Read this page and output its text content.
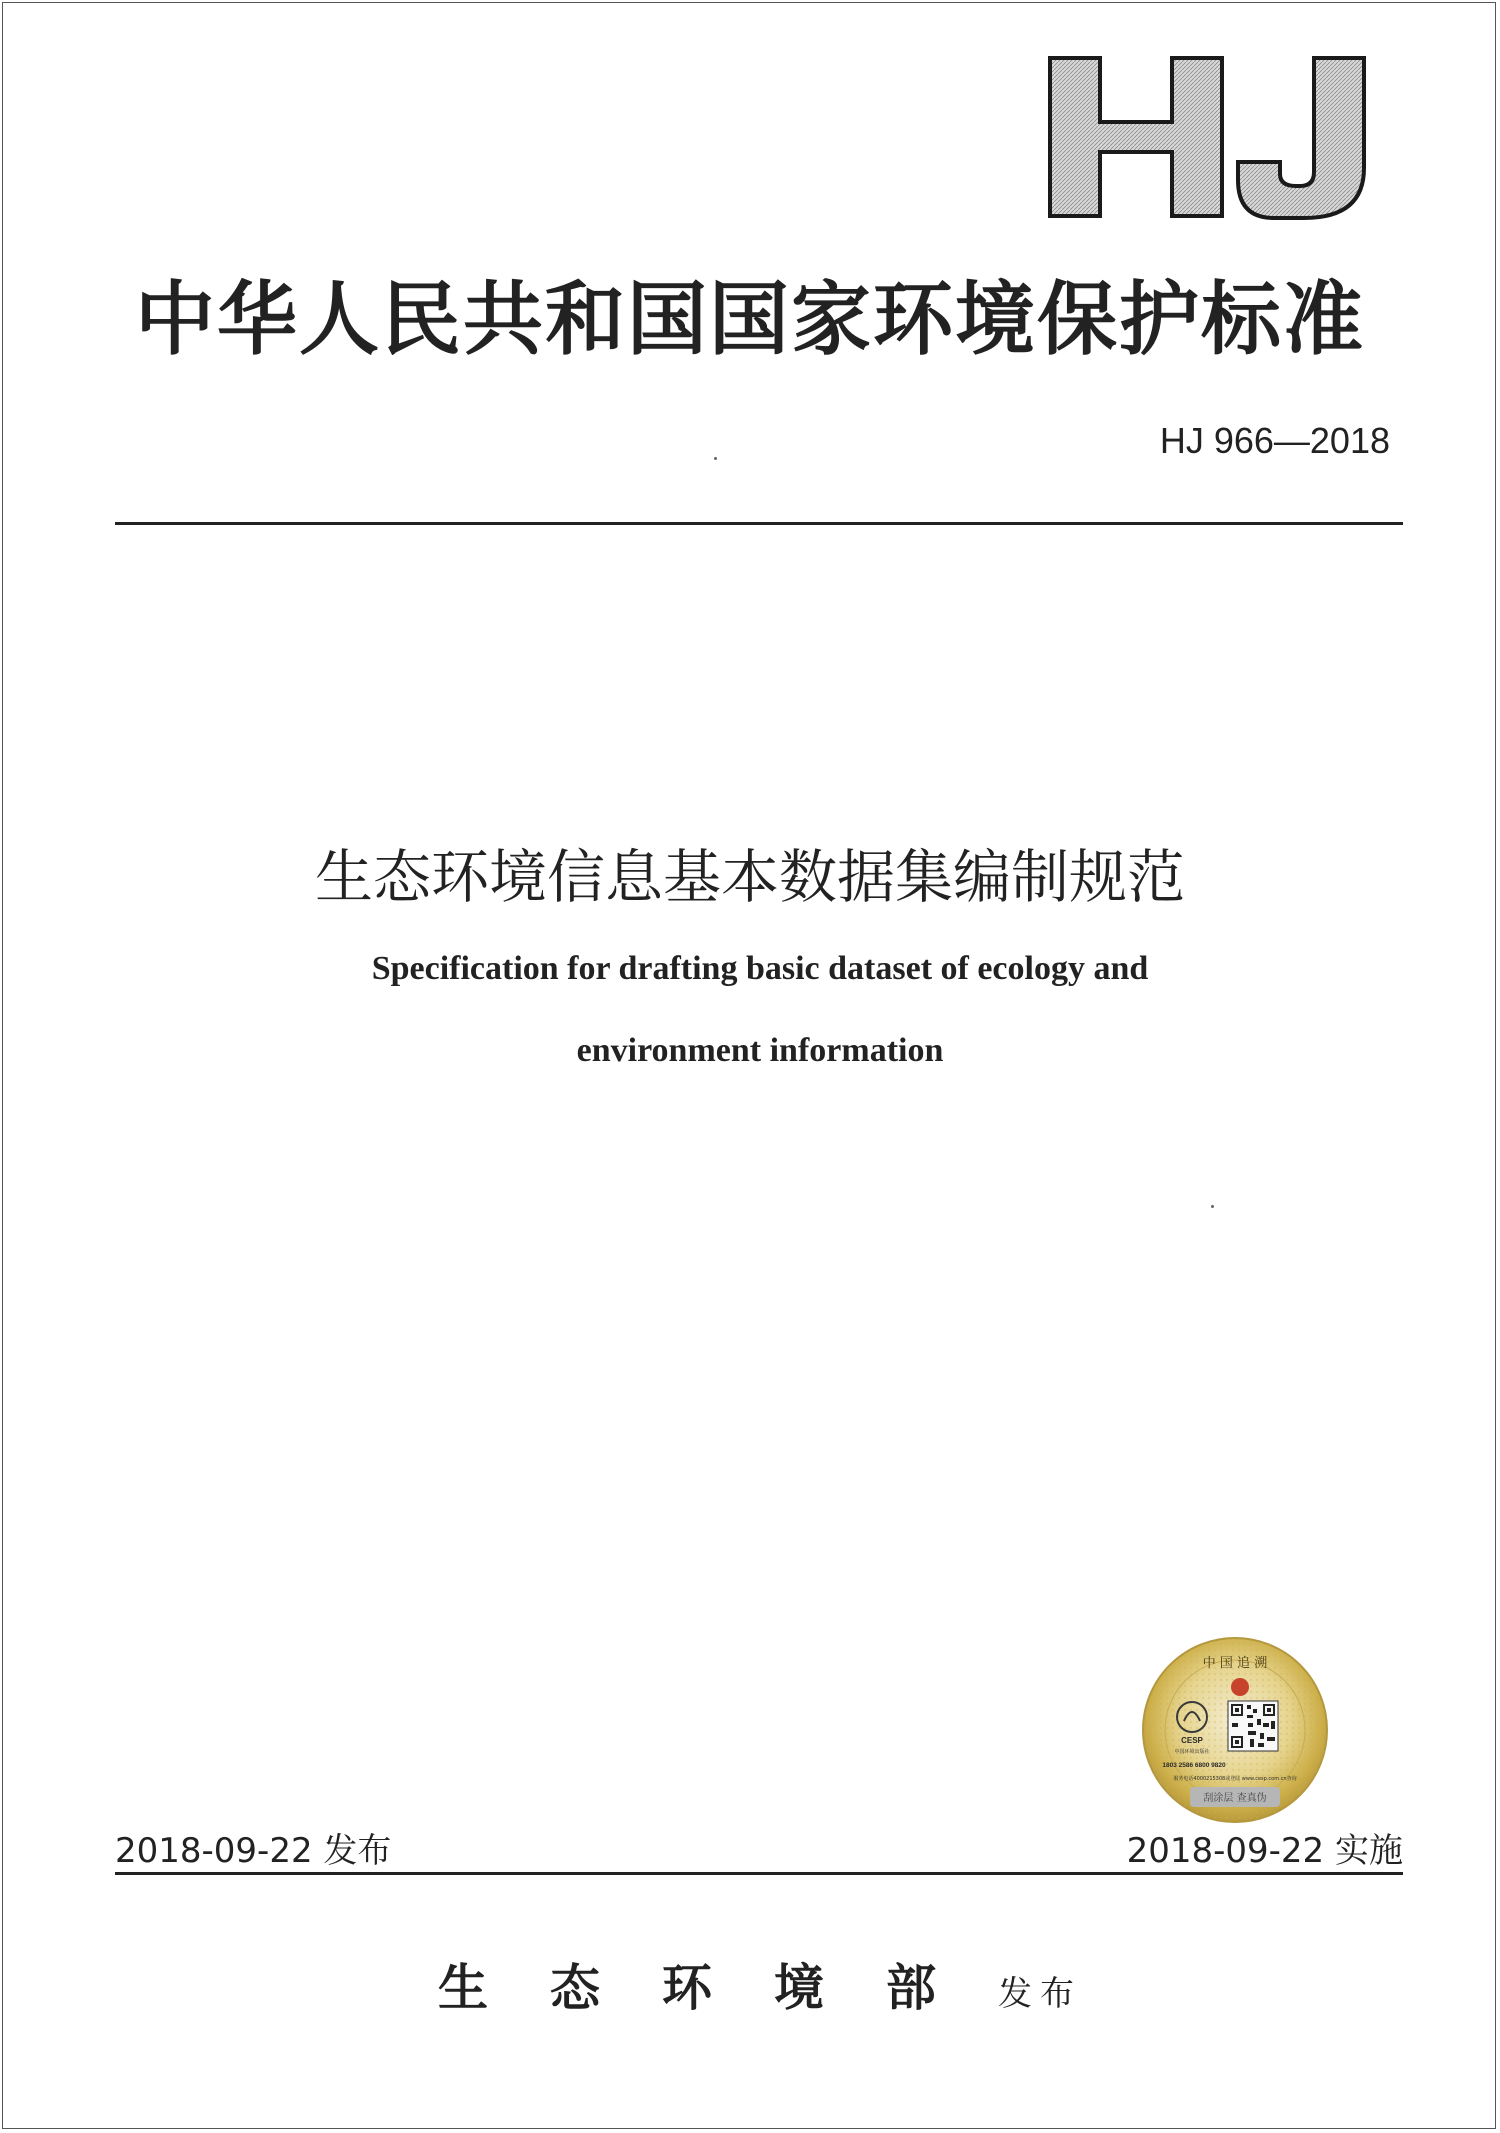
HJ
中华人民共和国国家环境保护标准
HJ 966—2018
生态环境信息基本数据集编制规范
Specification for drafting basic dataset of ecology and
environment information
中 国 追 溯
CESP
中国环境出版社
1803 2586 6800 9820
服务电话4000215308或登陆 www.cesp.com.cn查询
刮涂层 查真伪
2018-09-22 发布	2018-09-22 实施
生态环境部发布
